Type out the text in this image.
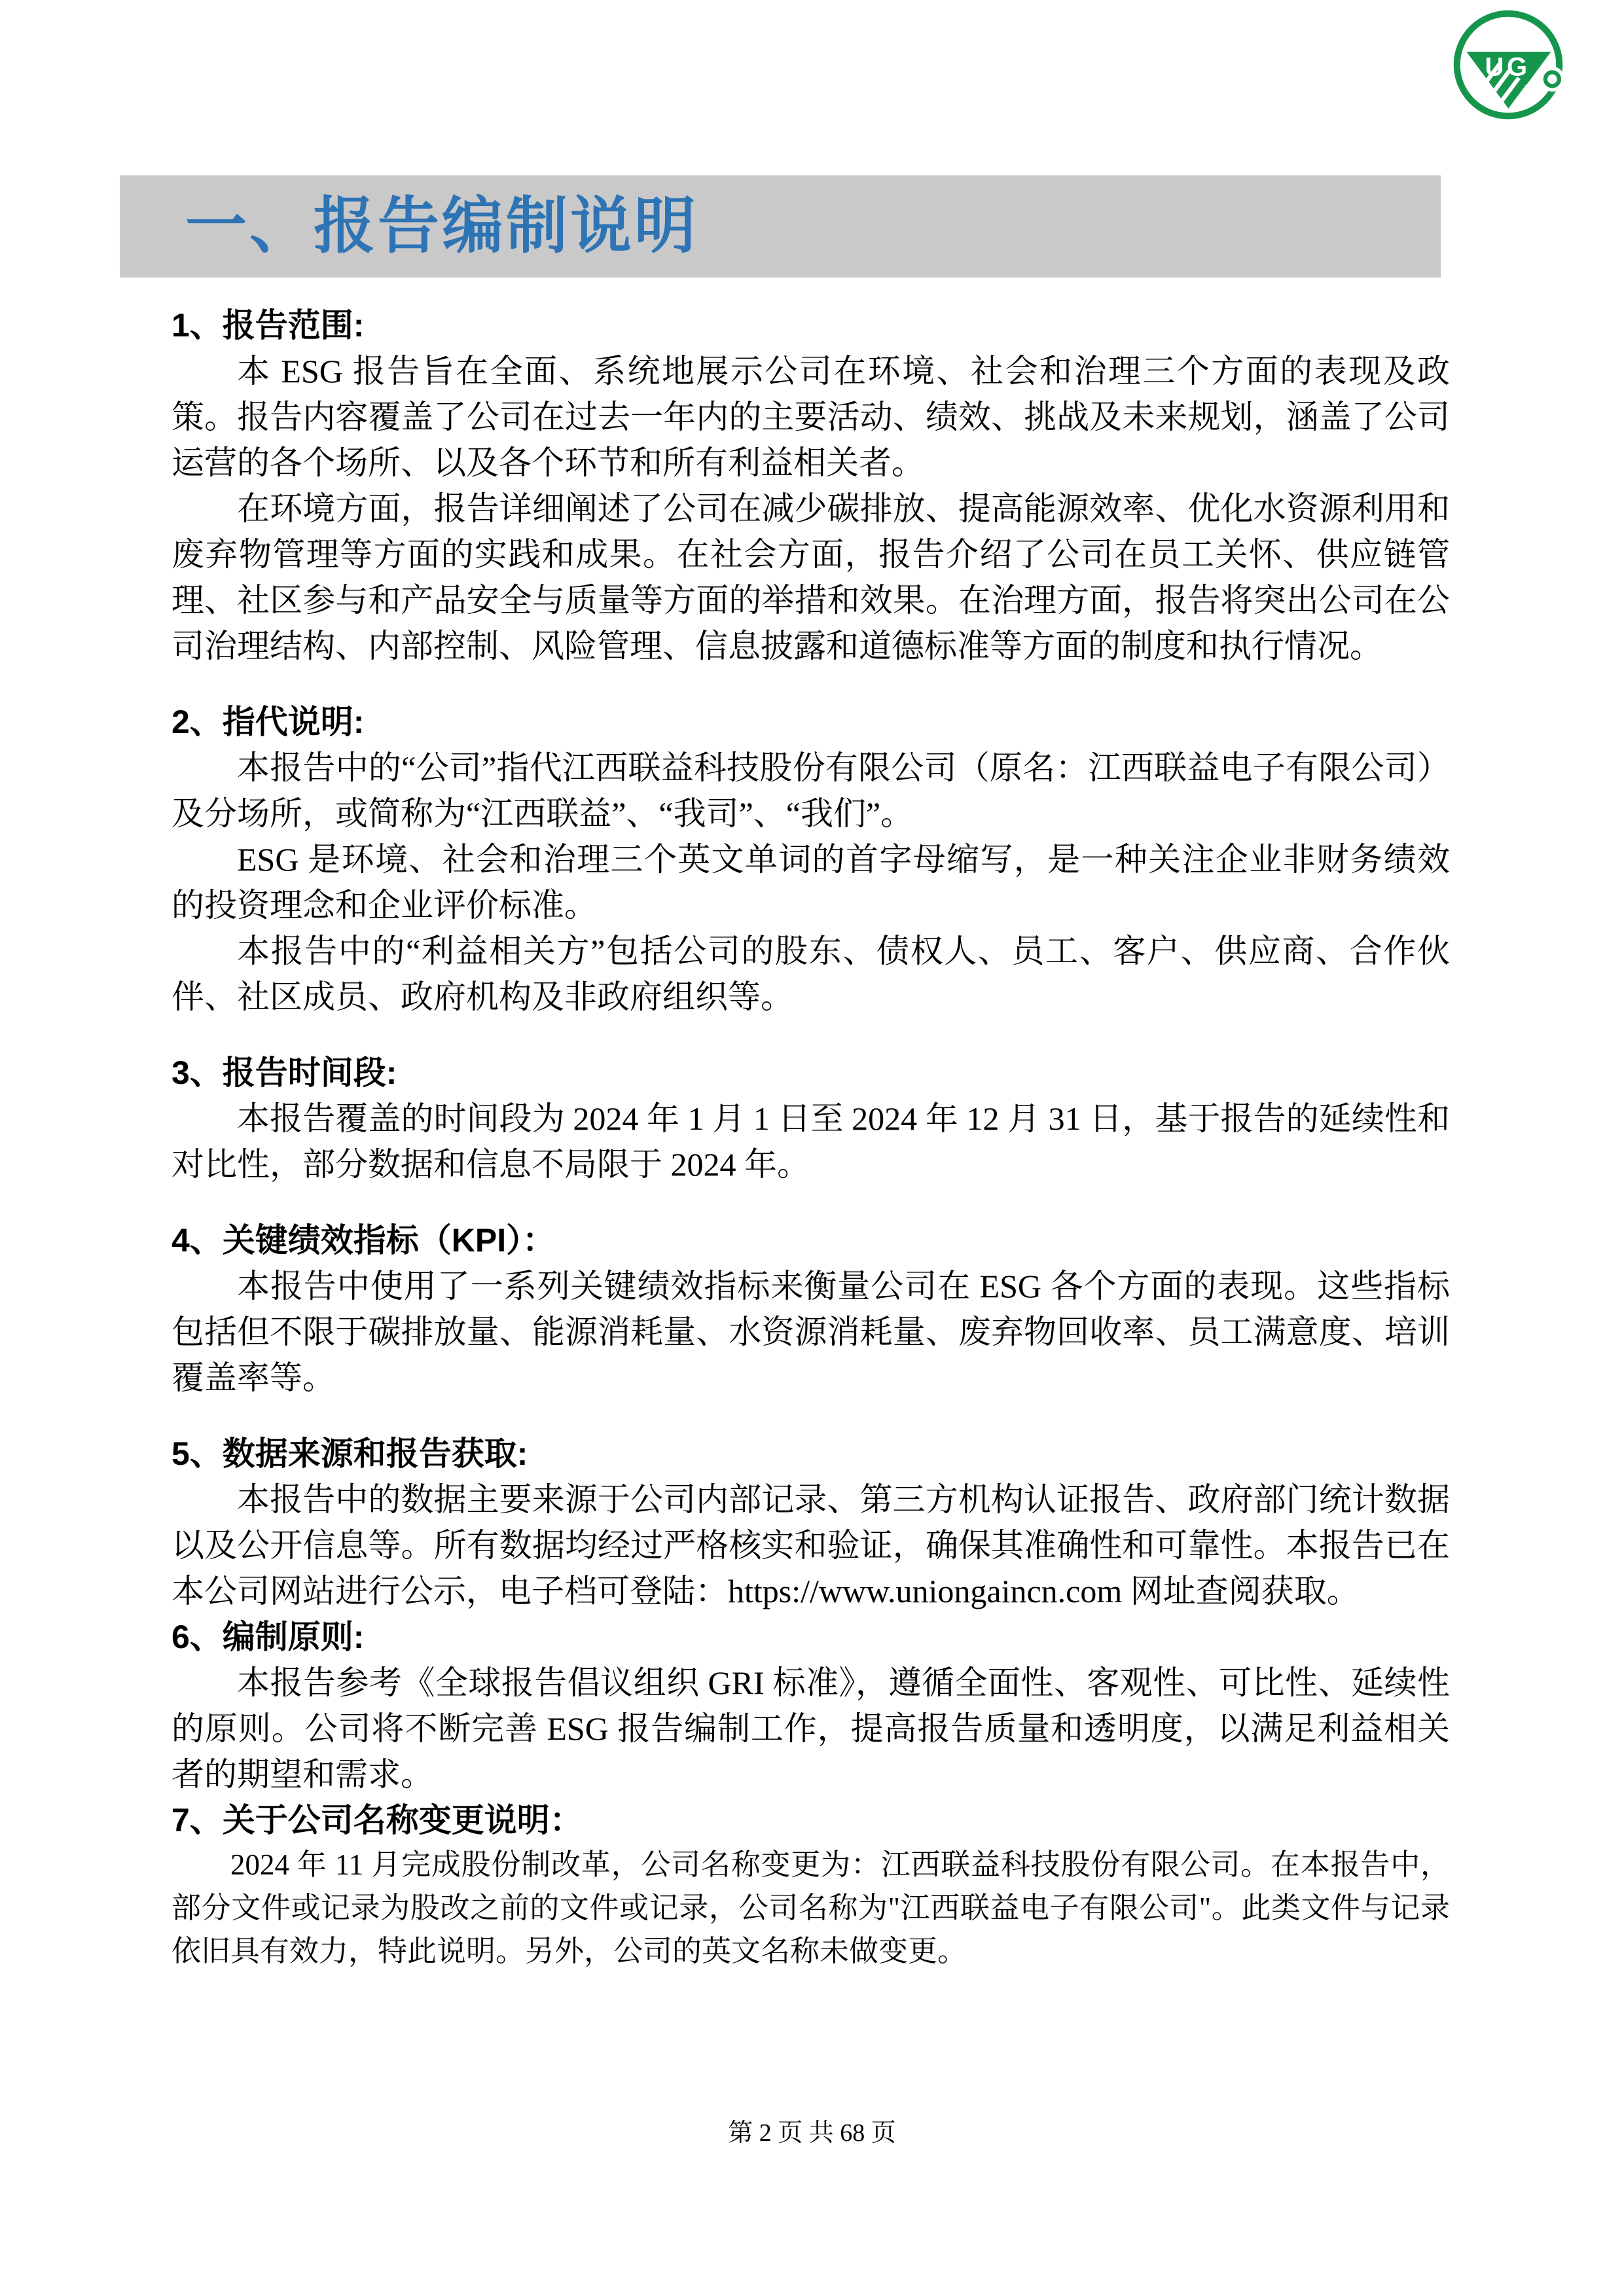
UG
一、报告编制说明
1、报告范围:

本 ESG 报告旨在全面、系统地展示公司在环境、社会和治理三个方面的表现及政策。报告内容覆盖了公司在过去一年内的主要活动、绩效、挑战及未来规划，涵盖了公司运营的各个场所、以及各个环节和所有利益相关者。

在环境方面，报告详细阐述了公司在减少碳排放、提高能源效率、优化水资源利用和废弃物管理等方面的实践和成果。在社会方面，报告介绍了公司在员工关怀、供应链管理、社区参与和产品安全与质量等方面的举措和效果。在治理方面，报告将突出公司在公司治理结构、内部控制、风险管理、信息披露和道德标准等方面的制度和执行情况。

2、指代说明:

本报告中的“公司”指代江西联益科技股份有限公司（原名：江西联益电子有限公司）及分场所，或简称为“江西联益”、“我司”、“我们”。

ESG 是环境、社会和治理三个英文单词的首字母缩写，是一种关注企业非财务绩效的投资理念和企业评价标准。

本报告中的“利益相关方”包括公司的股东、债权人、员工、客户、供应商、合作伙伴、社区成员、政府机构及非政府组织等。

3、报告时间段:

本报告覆盖的时间段为 2024 年 1 月 1 日至 2024 年 12 月 31 日，基于报告的延续性和对比性，部分数据和信息不局限于 2024 年。

4、关键绩效指标（KPI）：

本报告中使用了一系列关键绩效指标来衡量公司在 ESG 各个方面的表现。这些指标包括但不限于碳排放量、能源消耗量、水资源消耗量、废弃物回收率、员工满意度、培训覆盖率等。

5、数据来源和报告获取:

本报告中的数据主要来源于公司内部记录、第三方机构认证报告、政府部门统计数据以及公开信息等。所有数据均经过严格核实和验证，确保其准确性和可靠性。本报告已在本公司网站进行公示，电子档可登陆：https://www.uniongaincn.com 网址查阅获取。

6、编制原则:

本报告参考《全球报告倡议组织 GRI 标准》，遵循全面性、客观性、可比性、延续性的原则。公司将不断完善 ESG 报告编制工作，提高报告质量和透明度，以满足利益相关者的期望和需求。

7、关于公司名称变更说明：

2024 年 11 月完成股份制改革，公司名称变更为：江西联益科技股份有限公司。在本报告中，部分文件或记录为股改之前的文件或记录，公司名称为"江西联益电子有限公司"。此类文件与记录依旧具有效力，特此说明。另外，公司的英文名称未做变更。

第 2 页 共 68 页
